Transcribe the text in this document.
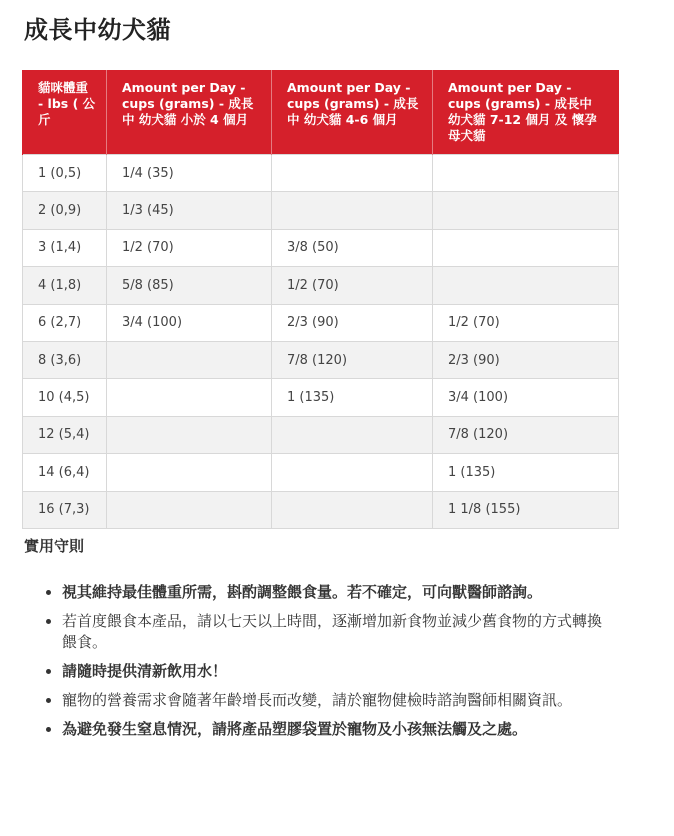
成長中幼犬貓
貓咪體重 - lbs ( 公斤	Amount per Day - cups (grams) - 成長中 幼犬貓 小於 4 個月	Amount per Day - cups (grams) - 成長 中 幼犬貓 4-6 個月	Amount per Day - cups (grams) - 成長中 幼犬貓 7-12 個月 及 懷孕母犬貓
1 (0,5)	1/4 (35)		
2 (0,9)	1/3 (45)		
3 (1,4)	1/2 (70)	3/8 (50)	
4 (1,8)	5/8 (85)	1/2 (70)	
6 (2,7)	3/4 (100)	2/3 (90)	1/2 (70)
8 (3,6)		7/8 (120)	2/3 (90)
10 (4,5)		1 (135)	3/4 (100)
12 (5,4)			7/8 (120)
14 (6,4)			1 (135)
16 (7,3)			1 1/8 (155)
實用守則
• 視其維持最佳體重所需，斟酌調整餵食量。若不確定，可向獸醫師諮詢。
• 若首度餵食本產品，請以七天以上時間，逐漸增加新食物並減少舊食物的方式轉換餵食。
• 請隨時提供清新飲用水！
• 寵物的營養需求會隨著年齡增長而改變，請於寵物健檢時諮詢醫師相關資訊。
• 為避免發生窒息情況，請將產品塑膠袋置於寵物及小孩無法觸及之處。
